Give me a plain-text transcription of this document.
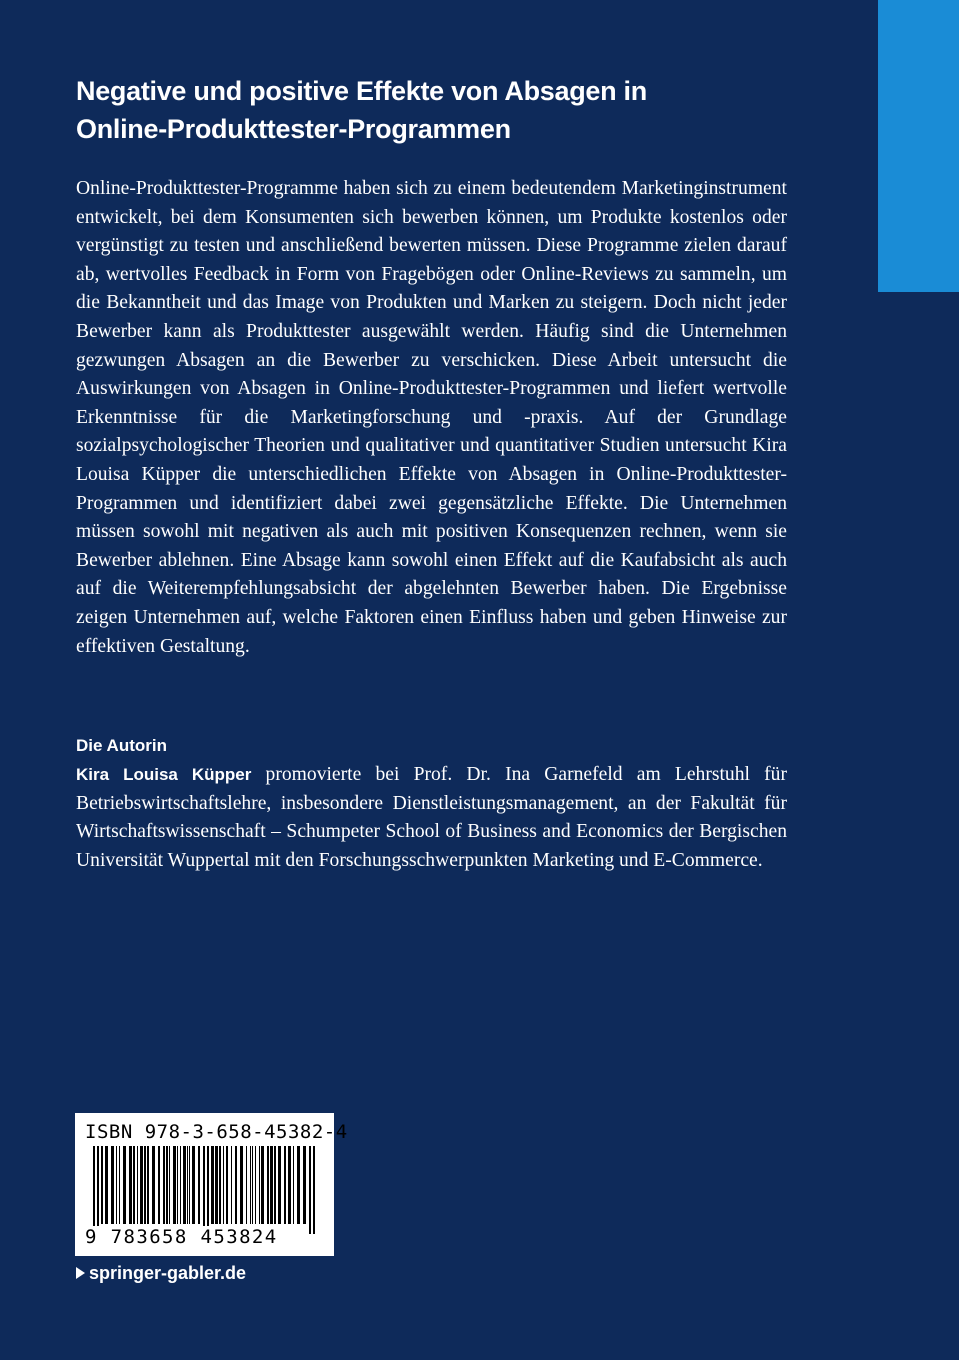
Negative und positive Effekte von Absagen in
Online-Produkttester-Programmen

Online-Produkttester-Programme haben sich zu einem bedeutendem Marketinginstrument entwickelt, bei dem Konsumenten sich bewerben können, um Produkte kostenlos oder vergünstigt zu testen und anschließend bewerten müssen. Diese Programme zielen darauf ab, wertvolles Feedback in Form von Fragebögen oder Online-Reviews zu sammeln, um die Bekanntheit und das Image von Produkten und Marken zu steigern. Doch nicht jeder Bewerber kann als Produkttester ausgewählt werden. Häufig sind die Unternehmen gezwungen Absagen an die Bewerber zu verschicken. Diese Arbeit untersucht die Auswirkungen von Absagen in Online-Produkttester-Programmen und liefert wertvolle Erkenntnisse für die Marketingforschung und -praxis. Auf der Grundlage sozialpsychologischer Theorien und qualitativer und quantitativer Studien untersucht Kira Louisa Küpper die unterschiedlichen Effekte von Absagen in Online-Produkttester-Programmen und identifiziert dabei zwei gegensätzliche Effekte. Die Unternehmen müssen sowohl mit negativen als auch mit positiven Konsequenzen rechnen, wenn sie Bewerber ablehnen. Eine Absage kann sowohl einen Effekt auf die Kaufabsicht als auch auf die Weiterempfehlungsabsicht der abgelehnten Bewerber haben. Die Ergebnisse zeigen Unternehmen auf, welche Faktoren einen Einfluss haben und geben Hinweise zur effektiven Gestaltung.

Die Autorin

Kira Louisa Küpper promovierte bei Prof. Dr. Ina Garnefeld am Lehrstuhl für Betriebswirtschaftslehre, insbesondere Dienstleistungsmanagement, an der Fakultät für Wirtschaftswissenschaft – Schumpeter School of Business and Economics der Bergischen Universität Wuppertal mit den Forschungsschwerpunkten Marketing und E-Commerce.

ISBN 978-3-658-45382-4
9 783658 453824
springer-gabler.de
